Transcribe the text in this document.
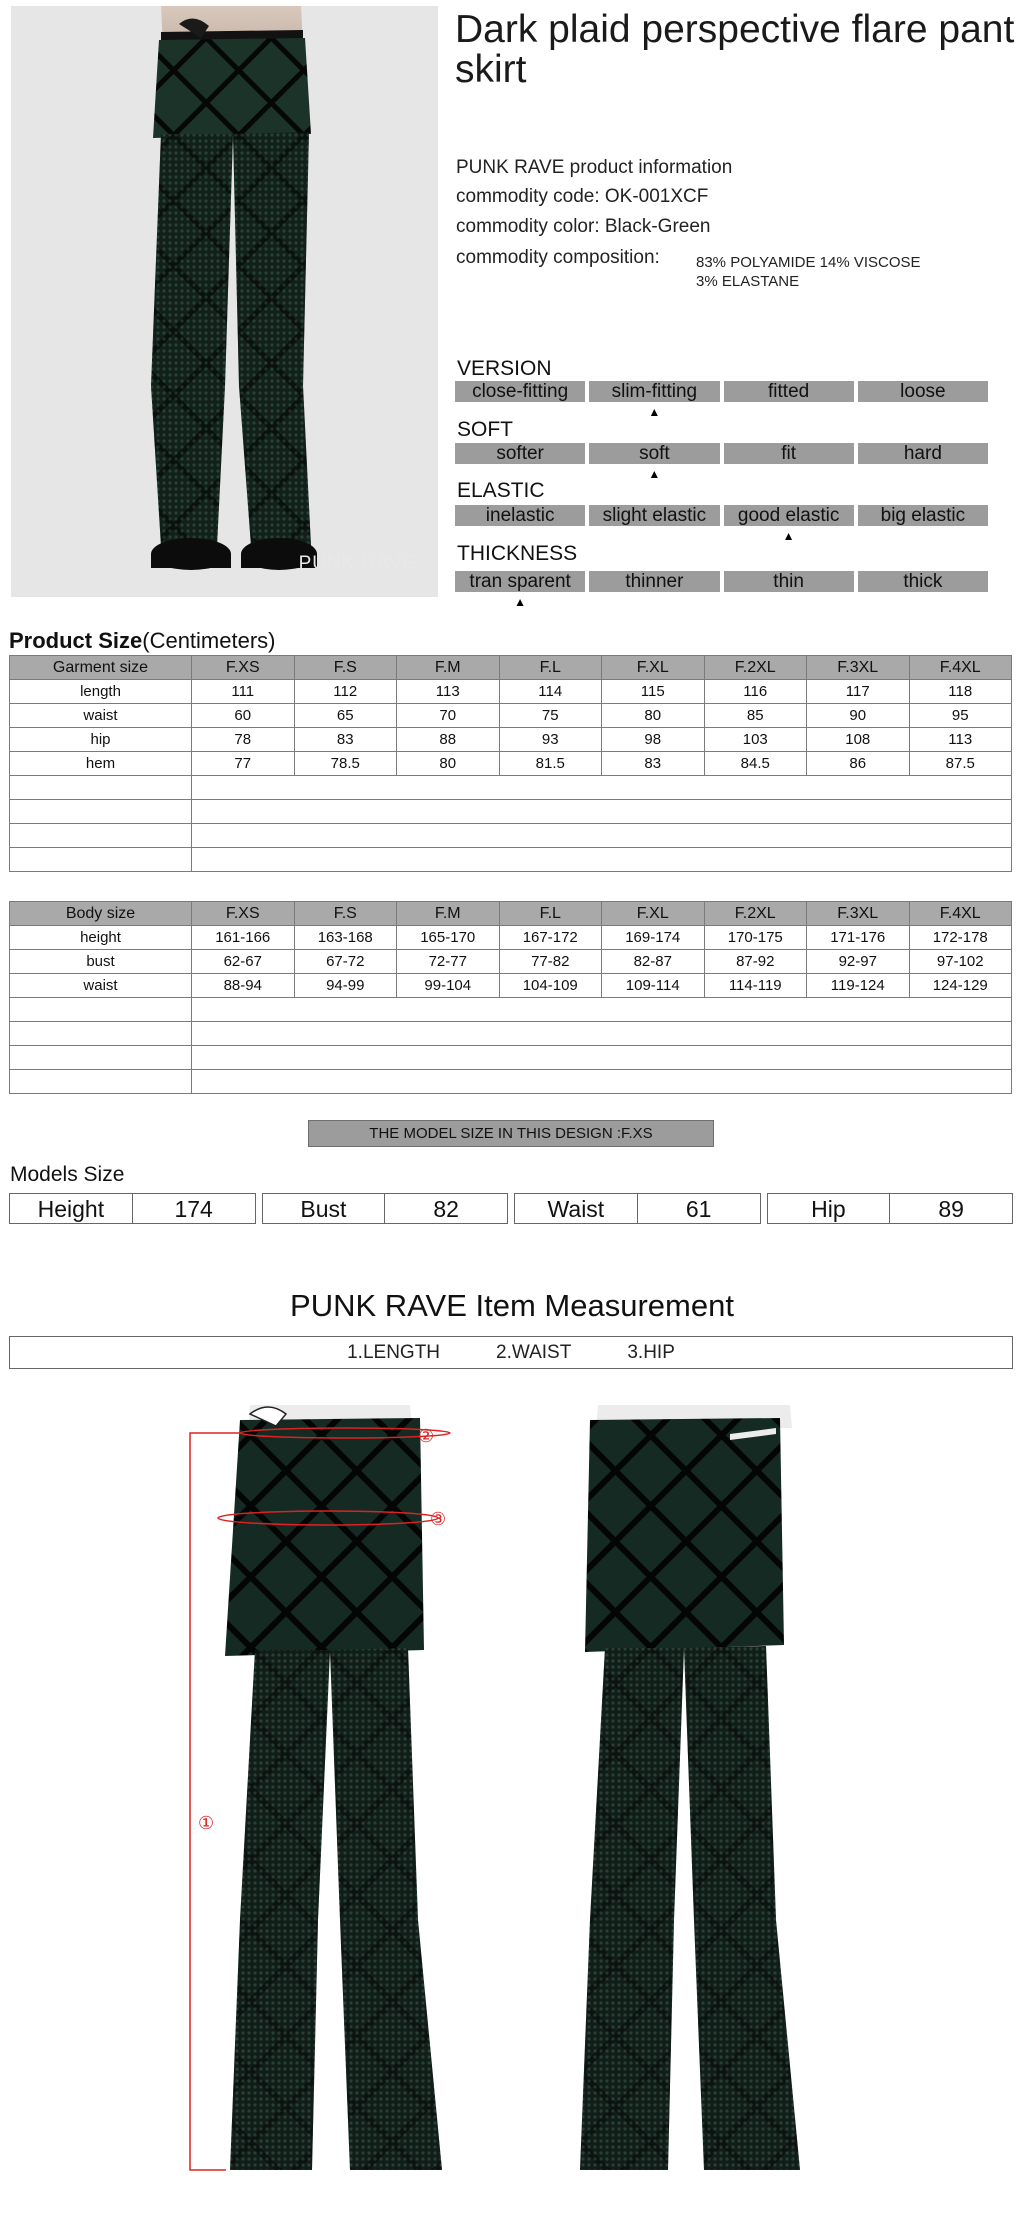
PUNK RAVE
Dark plaid perspective flare pant skirt
PUNK RAVE product information
commodity code: OK-001XCF
commodity color: Black-Green
commodity composition: 83% POLYAMIDE 14% VISCOSE
3% ELASTANE
VERSION
close-fitting	slim-fitting	fitted	loose
▲
SOFT
softer	soft	fit	hard
▲
ELASTIC
inelastic	slight elastic	good elastic	big elastic
▲
THICKNESS
tran sparent	thinner	thin	thick
▲
Product Size(Centimeters)
Garment size	F.XS	F.S	F.M	F.L	F.XL	F.2XL	F.3XL	F.4XL
length	111	112	113	114	115	116	117	118
waist	60	65	70	75	80	85	90	95
hip	78	83	88	93	98	103	108	113
hem	77	78.5	80	81.5	83	84.5	86	87.5

Body size	F.XS	F.S	F.M	F.L	F.XL	F.2XL	F.3XL	F.4XL
height	161-166	163-168	165-170	167-172	169-174	170-175	171-176	172-178
bust	62-67	67-72	72-77	77-82	82-87	87-92	92-97	97-102
waist	88-94	94-99	99-104	104-109	109-114	114-119	119-124	124-129

THE MODEL SIZE IN THIS DESIGN :F.XS
Models Size
Height	174	Bust	82	Waist	61	Hip	89
PUNK RAVE Item Measurement
1.LENGTH	2.WAIST	3.HIP
①
②
③
